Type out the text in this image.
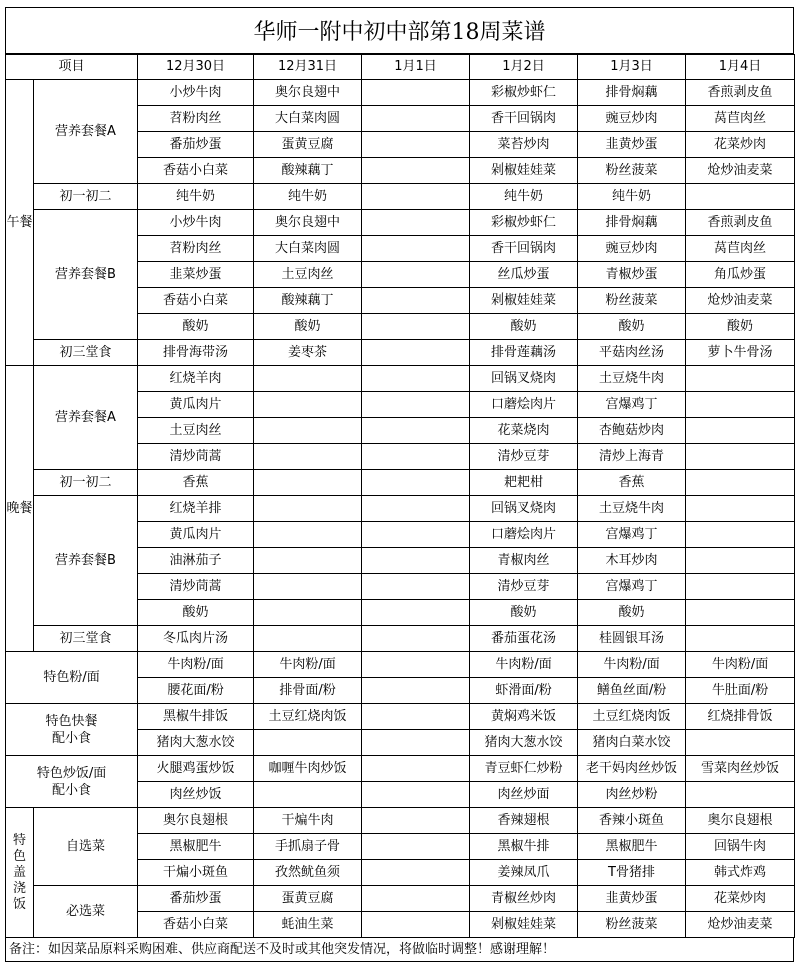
华师一附中初中部第18周菜谱
项目		12月30日	12月31日	1月1日	1月2日	1月3日	1月4日
午餐	营养套餐A	小炒牛肉	奥尔良翅中		彩椒炒虾仁	排骨焖藕	香煎剥皮鱼
		苕粉肉丝	大白菜肉圆		香干回锅肉	豌豆炒肉	莴苣肉丝
		番茄炒蛋	蛋黄豆腐		菜苔炒肉	韭黄炒蛋	花菜炒肉
		香菇小白菜	酸辣藕丁		剁椒娃娃菜	粉丝菠菜	炝炒油麦菜
	初一初二	纯牛奶	纯牛奶		纯牛奶	纯牛奶	
	营养套餐B	小炒牛肉	奥尔良翅中		彩椒炒虾仁	排骨焖藕	香煎剥皮鱼
		苕粉肉丝	大白菜肉圆		香干回锅肉	豌豆炒肉	莴苣肉丝
		韭菜炒蛋	土豆肉丝		丝瓜炒蛋	青椒炒蛋	角瓜炒蛋
		香菇小白菜	酸辣藕丁		剁椒娃娃菜	粉丝菠菜	炝炒油麦菜
		酸奶	酸奶		酸奶	酸奶	酸奶
	初三堂食	排骨海带汤	姜枣茶		排骨莲藕汤	平菇肉丝汤	萝卜牛骨汤
晚餐	营养套餐A	红烧羊肉			回锅叉烧肉	土豆烧牛肉	
		黄瓜肉片			口蘑烩肉片	宫爆鸡丁	
		土豆肉丝			花菜烧肉	杏鲍菇炒肉	
		清炒茼蒿			清炒豆芽	清炒上海青	
	初一初二	香蕉			耙耙柑	香蕉	
	营养套餐B	红烧羊排			回锅叉烧肉	土豆烧牛肉	
		黄瓜肉片			口蘑烩肉片	宫爆鸡丁	
		油淋茄子			青椒肉丝	木耳炒肉	
		清炒茼蒿			清炒豆芽	宫爆鸡丁	
		酸奶			酸奶	酸奶	
	初三堂食	冬瓜肉片汤			番茄蛋花汤	桂圆银耳汤	
特色粉/面		牛肉粉/面	牛肉粉/面		牛肉粉/面	牛肉粉/面	牛肉粉/面
		腰花面/粉	排骨面/粉		虾滑面/粉	鳝鱼丝面/粉	牛肚面/粉
特色快餐
配小食		黑椒牛排饭	土豆红烧肉饭		黄焖鸡米饭	土豆红烧肉饭	红烧排骨饭
		猪肉大葱水饺			猪肉大葱水饺	猪肉白菜水饺	
特色炒饭/面
配小食		火腿鸡蛋炒饭	咖喱牛肉炒饭		青豆虾仁炒粉	老干妈肉丝炒饭	雪菜肉丝炒饭
		肉丝炒饭			肉丝炒面	肉丝炒粉	
特色盖浇饭	自选菜	奥尔良翅根	干煸牛肉		香辣翅根	香辣小斑鱼	奥尔良翅根
		黑椒肥牛	手抓扇子骨		黑椒牛排	黑椒肥牛	回锅牛肉
		干煸小斑鱼	孜然鱿鱼须		姜辣凤爪	T骨猪排	韩式炸鸡
	必选菜	番茄炒蛋	蛋黄豆腐		青椒丝炒肉	韭黄炒蛋	花菜炒肉
		香菇小白菜	蚝油生菜		剁椒娃娃菜	粉丝菠菜	炝炒油麦菜
备注：如因菜品原料采购困难、供应商配送不及时或其他突发情况，将做临时调整！感谢理解！
